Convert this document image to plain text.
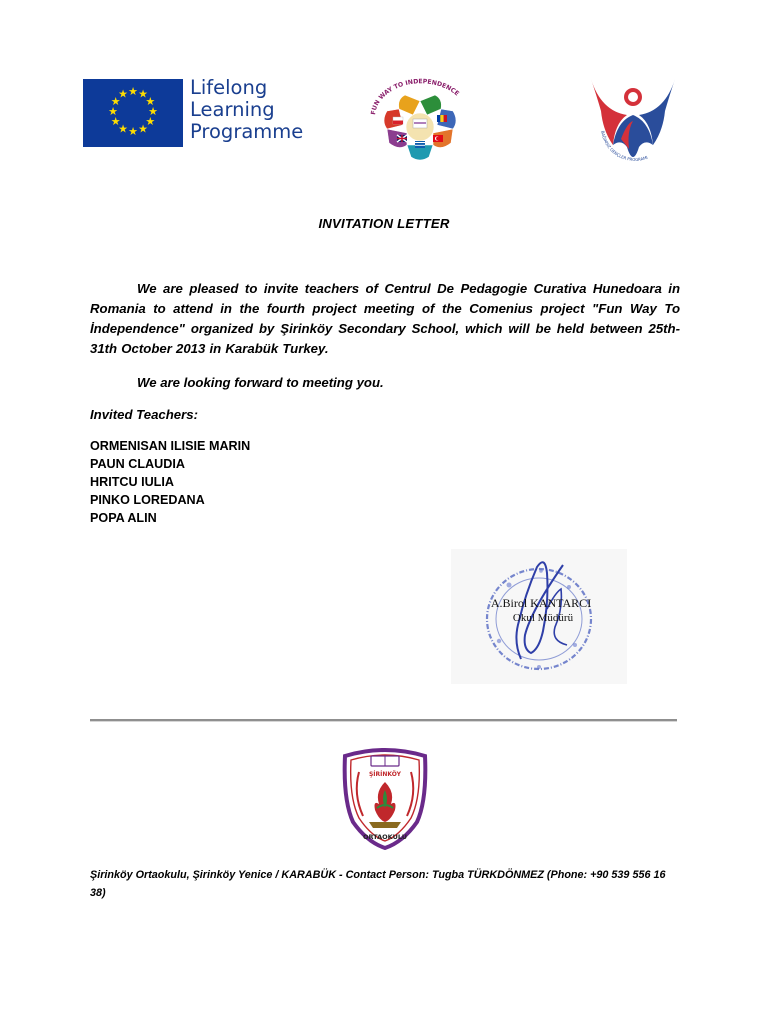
★ ★
★
★
★
★
★
★
★
★
★
★	Lifelong
Learning
Programme
FUN WAY TO INDEPENDENCE
BAĞIMSIZ GENÇLER PROGRAMI
INVITATION LETTER
We are pleased to invite teachers of Centrul De Pedagogie Curativa Hunedoara in Romania to attend in the fourth project meeting of the Comenius project "Fun Way To İndependence" organized by Şirinköy Secondary School, which will be held between 25th-31th October 2013 in Karabük Turkey.
We are looking forward to meeting you.
Invited Teachers:
ORMENISAN ILISIE MARIN
PAUN CLAUDIA
HRITCU IULIA
PINKO LOREDANA
POPA ALIN
A.Birol KANTARCI
Okul Müdürü
ŞİRİNKÖY
ORTAOKULU
Şirinköy Ortaokulu, Şirinköy Yenice / KARABÜK - Contact Person: Tugba TÜRKDÖNMEZ (Phone: +90 539 556 16 38)
